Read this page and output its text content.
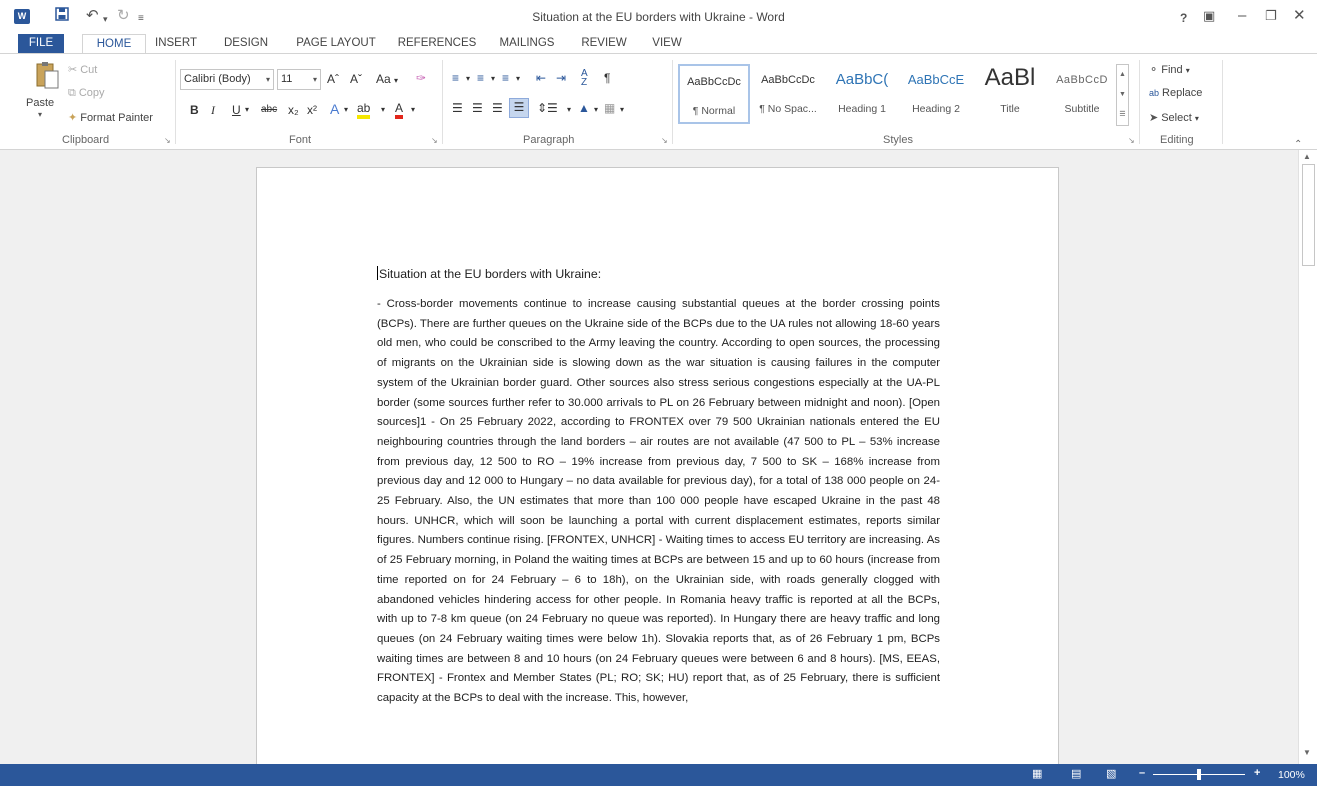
W	↶ ▾ ↻ ≡	Situation at the EU borders with Ukraine - Word	? ▣ – ❐ ✕
FILE	HOME	INSERT	DESIGN	PAGE LAYOUT	REFERENCES	MAILINGS	REVIEW	VIEW
Paste
▾
✂ Cut
⧉ Copy
✦ Format Painter
Clipboard	↘
Calibri (Body) ▾	11	▾ Aˆ Aˇ Aa ▾ ✑
B I U ▾ abc x₂ x² A ▾ ab ▾ A ▾
Font	↘
≡ ▾ ≡ ▾ ≡ ▾ ⇤ ⇥ A
Z ¶
☰ ☰ ☰ ☰	⇕☰ ▾ ▲ ▾ ▦ ▾
Paragraph	↘
AaBbCcDc
¶ Normal
AaBbCcDc
¶ No Spac...
AaBbC(
Heading 1
AaBbCcE
Heading 2
AaBl
Title
AaBbCcD
Subtitle
▲
▼
☰
Styles	↘
⚬ Find ▾
ab Replace
➤ Select ▾
Editing	⌃
Situation at the EU borders with Ukraine:
- Cross-border movements continue to increase causing substantial queues at the border crossing points (BCPs). There are further queues on the Ukraine side of the BCPs due to the UA rules not allowing 18-60 years old men, who could be conscribed to the Army leaving the country. According to open sources, the processing of migrants on the Ukrainian side is slowing down as the war situation is causing failures in the computer system of the Ukrainian border guard. Other sources also stress serious congestions especially at the UA-PL border (some sources further refer to 30.000 arrivals to PL on 26 February between midnight and noon). [Open sources]1 - On 25 February 2022, according to FRONTEX over 79 500 Ukrainian nationals entered the EU neighbouring countries through the land borders – air routes are not available (47 500 to PL – 53% increase from previous day, 12 500 to RO – 19% increase from previous day, 7 500 to SK – 168% increase from previous day and 12 000 to Hungary – no data available for previous day), for a total of 138 000 people on 24-25 February. Also, the UN estimates that more than 100 000 people have escaped Ukraine in the past 48 hours. UNHCR, which will soon be launching a portal with current displacement estimates, reports similar figures. Numbers continue rising. [FRONTEX, UNHCR] - Waiting times to access EU territory are increasing. As of 25 February morning, in Poland the waiting times at BCPs are between 15 and up to 60 hours (increase from time reported on for 24 February – 6 to 18h), on the Ukrainian side, with roads generally clogged with abandoned vehicles hindering access for other people. In Romania heavy traffic is reported at all the BCPs, with up to 7-8 km queue (on 24 February no queue was reported). In Hungary there are heavy traffic and long queues (on 24 February waiting times were below 1h). Slovakia reports that, as of 26 February 1 pm, BCPs waiting times are between 8 and 10 hours (on 24 February queues were between 6 and 8 hours). [MS, EEAS, FRONTEX] - Frontex and Member States (PL; RO; SK; HU) report that, as of 25 February, there is sufficient capacity at the BCPs to deal with the increase. This, however,
▲
▼
▦	▤ ▧ –	+ 100%
